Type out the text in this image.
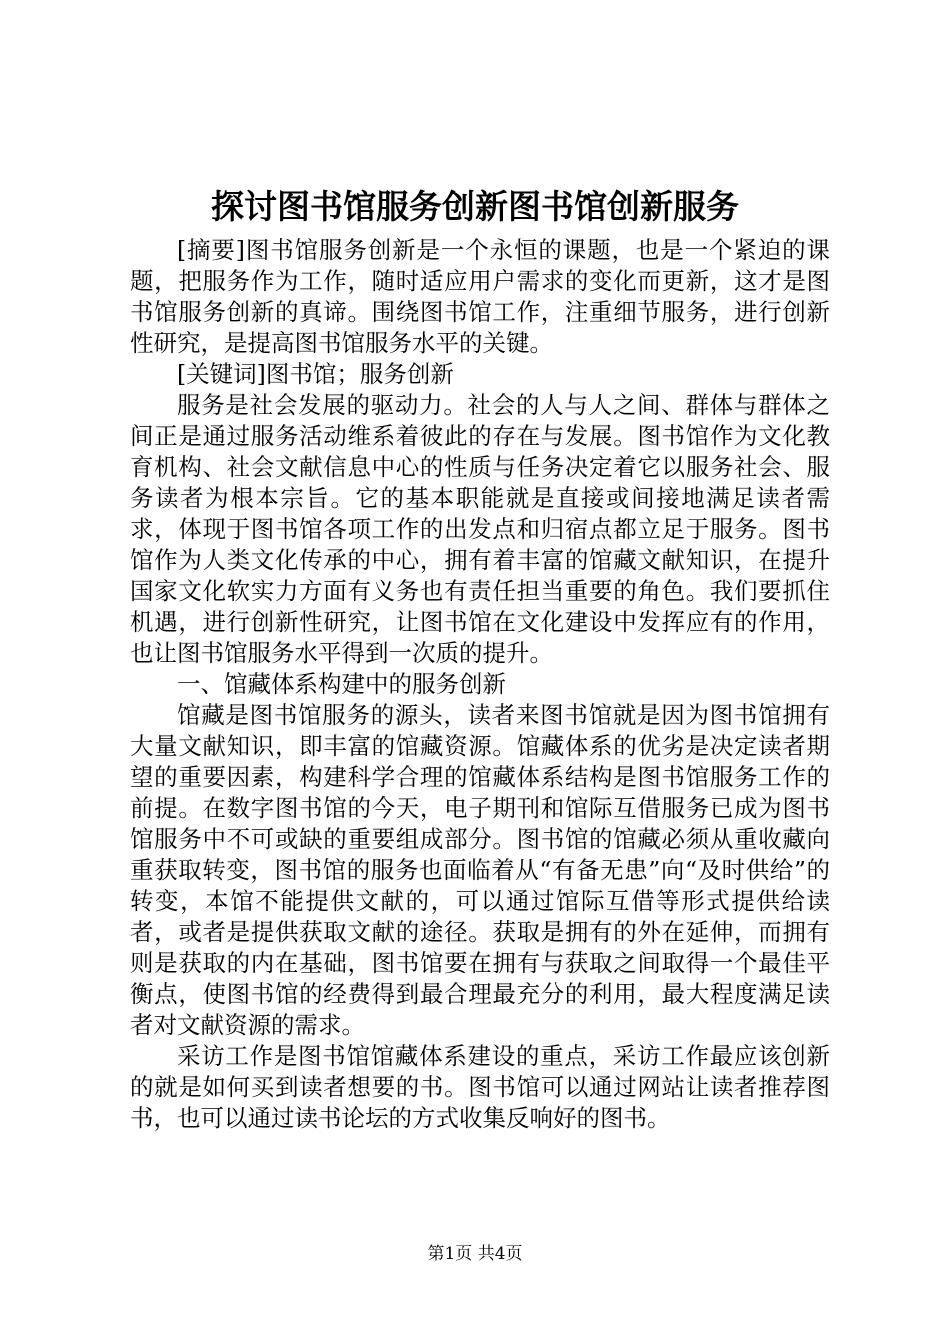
探讨图书馆服务创新图书馆创新服务

[摘要]图书馆服务创新是一个永恒的课题，也是一个紧迫的课题，把服务作为工作，随时适应用户需求的变化而更新，这才是图书馆服务创新的真谛。围绕图书馆工作，注重细节服务，进行创新性研究，是提高图书馆服务水平的关键。

[关键词]图书馆；服务创新

服务是社会发展的驱动力。社会的人与人之间、群体与群体之间正是通过服务活动维系着彼此的存在与发展。图书馆作为文化教育机构、社会文献信息中心的性质与任务决定着它以服务社会、服务读者为根本宗旨。它的基本职能就是直接或间接地满足读者需求，体现于图书馆各项工作的出发点和归宿点都立足于服务。图书馆作为人类文化传承的中心，拥有着丰富的馆藏文献知识，在提升国家文化软实力方面有义务也有责任担当重要的角色。我们要抓住机遇，进行创新性研究，让图书馆在文化建设中发挥应有的作用，也让图书馆服务水平得到一次质的提升。

一、馆藏体系构建中的服务创新

馆藏是图书馆服务的源头，读者来图书馆就是因为图书馆拥有大量文献知识，即丰富的馆藏资源。馆藏体系的优劣是决定读者期望的重要因素，构建科学合理的馆藏体系结构是图书馆服务工作的前提。在数字图书馆的今天，电子期刊和馆际互借服务已成为图书馆服务中不可或缺的重要组成部分。图书馆的馆藏必须从重收藏向重获取转变，图书馆的服务也面临着从“有备无患”向“及时供给”的转变，本馆不能提供文献的，可以通过馆际互借等形式提供给读者，或者是提供获取文献的途径。获取是拥有的外在延伸，而拥有则是获取的内在基础，图书馆要在拥有与获取之间取得一个最佳平衡点，使图书馆的经费得到最合理最充分的利用，最大程度满足读者对文献资源的需求。

采访工作是图书馆馆藏体系建设的重点，采访工作最应该创新的就是如何买到读者想要的书。图书馆可以通过网站让读者推荐图书，也可以通过读书论坛的方式收集反响好的图书。

第1页 共4页
